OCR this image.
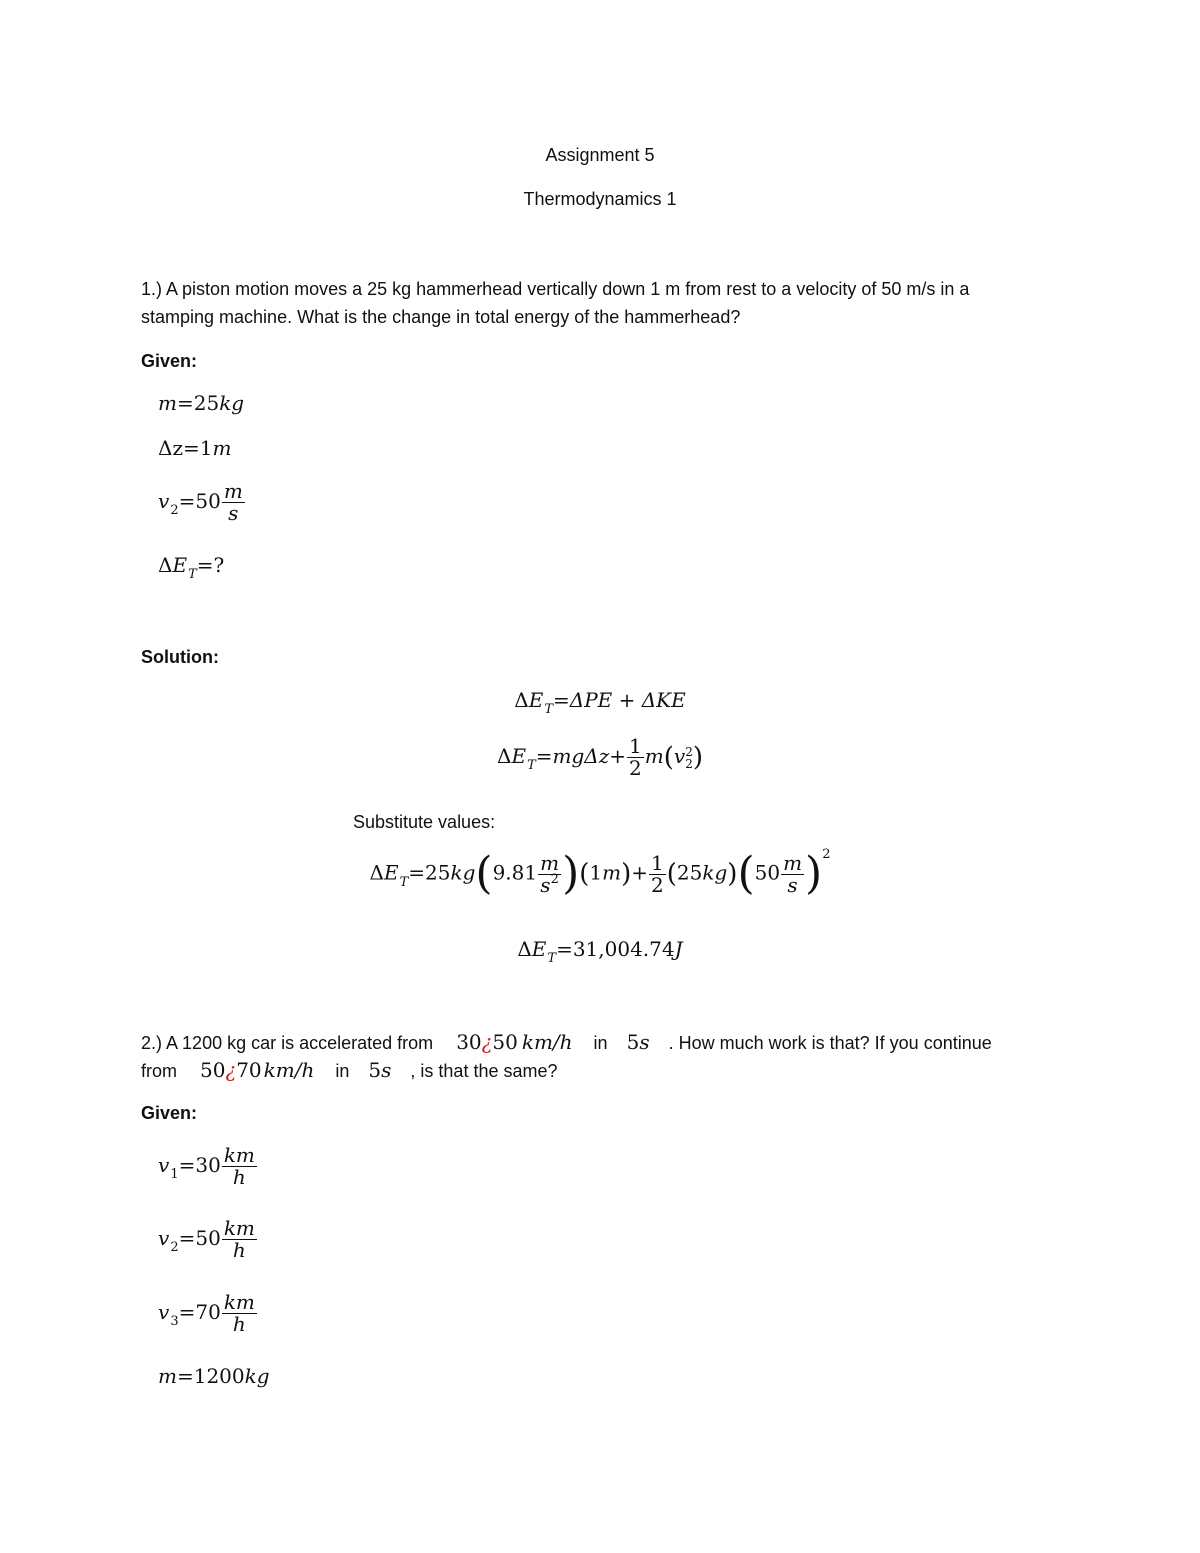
Assignment 5
Thermodynamics 1
1.) A piston motion moves a 25 kg hammerhead vertically down 1 m from rest to a velocity of 50 m/s in a
stamping machine. What is the change in total energy of the hammerhead?
Given:
m=25kg
Δz=1m
$v_2=50 \frac{m}{s}$
$\Delta E_T=$?
Solution:
$\Delta E_T=\Delta PE + \Delta KE$
$\Delta E_T=mg\Delta z+ \frac{1}{2} m(v$ 2
2 )
Substitute values:
$\Delta E_T=25kg(9.81 \frac{m}{s^2} )(1m)+ \frac{1}{2} (25kg)(50 \frac{m}{s} )^2$
$\Delta E_T=31,004.74J$
2.) A 1200 kg car is accelerated from 30¿50 km/h in 5s . How much work is that? If you continue
from 50¿70 km/h in 5s , is that the same?
Given:
$v_1=30 \frac{km}{h}$
$v_2=50 \frac{km}{h}$
$v_3=70 \frac{km}{h}$
m=1200kg
